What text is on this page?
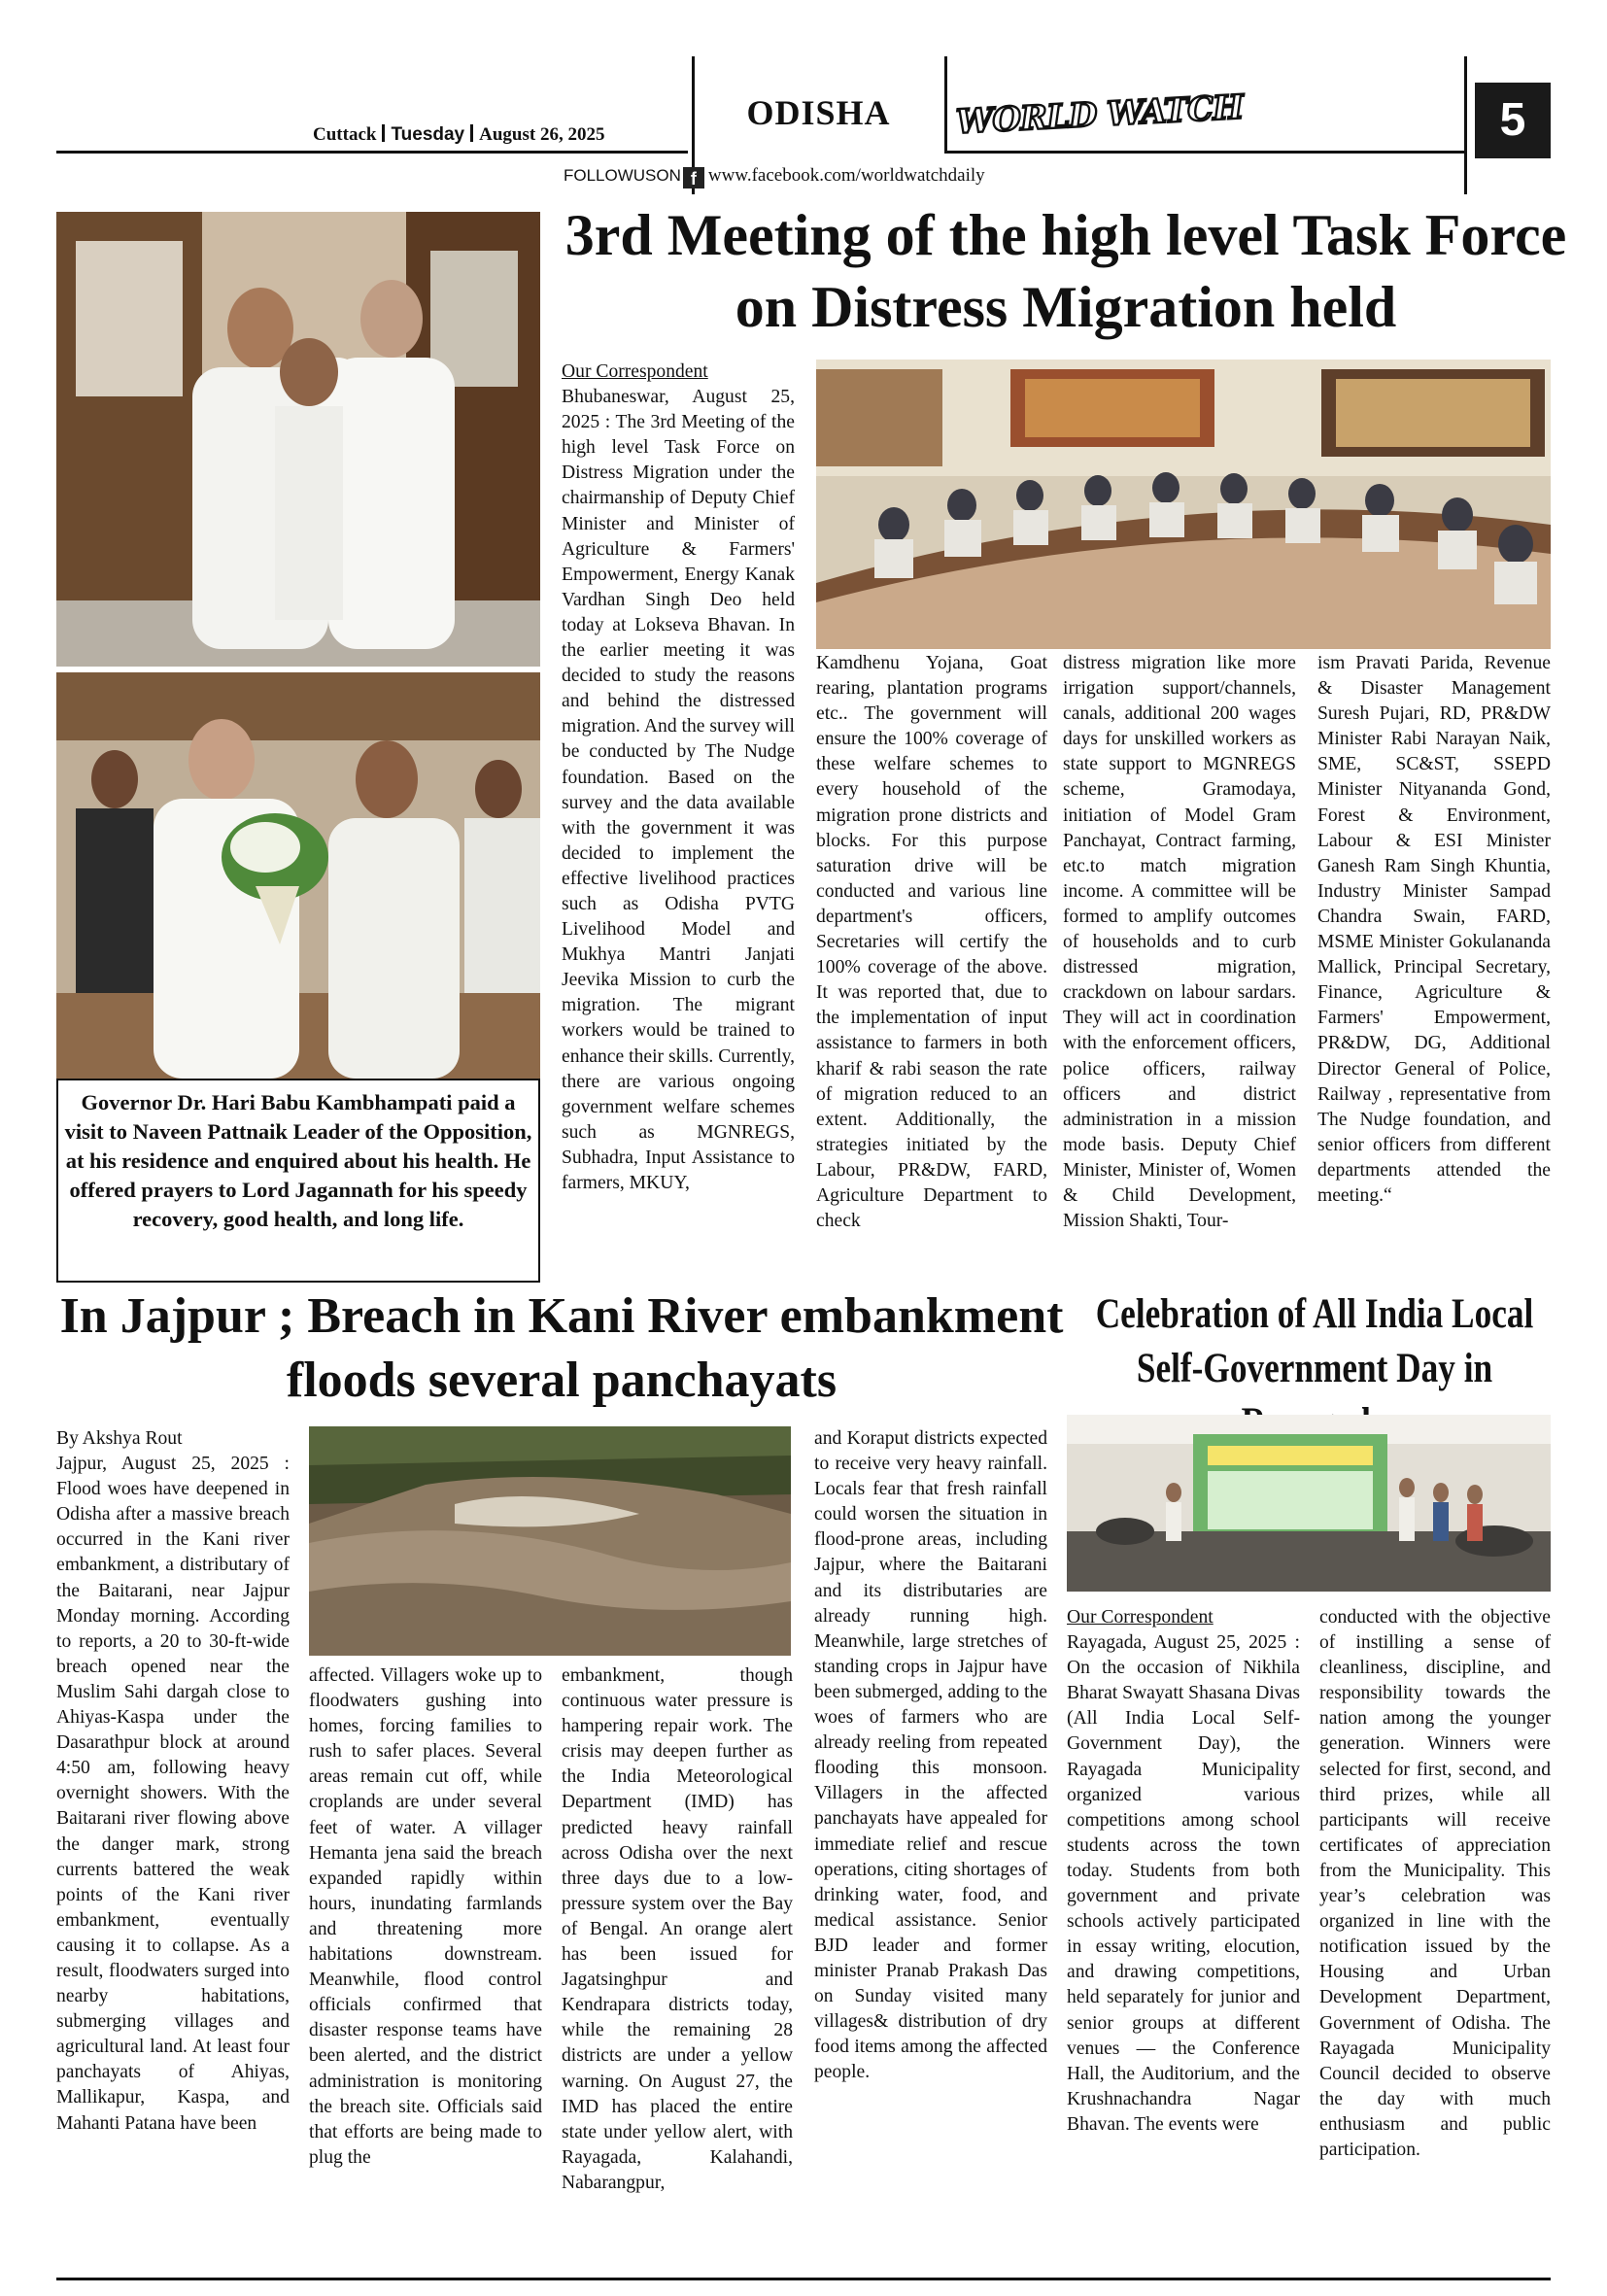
Cuttack Tuesday August 26, 2025
ODISHA	WORLD WATCH	5
FOLLOWUSON f www.facebook.com/worldwatchdaily
Governor Dr. Hari Babu Kambhampati paid a visit to Naveen Pattnaik Leader of the Opposition, at his residence and enquired about his health. He offered prayers to Lord Jagannath for his speedy recovery, good health, and long life.
3rd Meeting of the high level Task Force on Distress Migration held
Our Correspondent
Bhubaneswar, August 25, 2025 : The 3rd Meeting of the high level Task Force on Distress Migration under the chairmanship of Deputy Chief Minister and Minister of Agriculture & Farmers' Empowerment, Energy Kanak Vardhan Singh Deo held today at Lokseva Bhavan. In the earlier meeting it was decided to study the reasons and behind the distressed migration. And the survey will be conducted by The Nudge foundation. Based on the survey and the data available with the government it was decided to implement the effective livelihood practices such as Odisha PVTG Livelihood Model and Mukhya Mantri Janjati Jeevika Mission to curb the migration. The migrant workers would be trained to enhance their skills. Currently, there are various ongoing government welfare schemes such as MGNREGS, Subhadra, Input Assistance to farmers, MKUY,
Kamdhenu Yojana, Goat rearing, plantation programs etc.. The government will ensure the 100% coverage of these welfare schemes to every household of the migration prone districts and blocks. For this purpose saturation drive will be conducted and various line department's officers, Secretaries will certify the 100% coverage of the above. It was reported that, due to the implementation of input assistance to farmers in both kharif & rabi season the rate of migration reduced to an extent. Additionally, the strategies initiated by the Labour, PR&DW, FARD, Agriculture Department to check
distress migration like more irrigation support/channels, canals, additional 200 wages days for unskilled workers as state support to MGNREGS scheme, Gramodaya, initiation of Model Gram Panchayat, Contract farming, etc.to match migration income. A committee will be formed to amplify outcomes of households and to curb distressed migration, crackdown on labour sardars. They will act in coordination with the enforcement officers, police officers, railway officers and district administration in a mission mode basis. Deputy Chief Minister, Minister of, Women & Child Development, Mission Shakti, Tour-
ism Pravati Parida, Revenue & Disaster Management Suresh Pujari, RD, PR&DW Minister Rabi Narayan Naik, SME, SC&ST, SSEPD Minister Nityananda Gond, Forest & Environment, Labour & ESI Minister Ganesh Ram Singh Khuntia, Industry Minister Sampad Chandra Swain, FARD, MSME Minister Gokulananda Mallick, Principal Secretary, Finance, Agriculture & Farmers' Empowerment, PR&DW, DG, Additional Director General of Police, Railway , representative from The Nudge foundation, and senior officers from different departments attended the meeting.“
In Jajpur ; Breach in Kani River embankment floods several panchayats
By Akshya Rout
Jajpur, August 25, 2025 : Flood woes have deepened in Odisha after a massive breach occurred in the Kani river embankment, a distributary of the Baitarani, near Jajpur Monday morning. According to reports, a 20 to 30-ft-wide breach opened near the Muslim Sahi dargah close to Ahiyas-Kaspa under the Dasarathpur block at around 4:50 am, following heavy overnight showers. With the Baitarani river flowing above the danger mark, strong currents battered the weak points of the Kani river embankment, eventually causing it to collapse. As a result, floodwaters surged into nearby habitations, submerging villages and agricultural land. At least four panchayats of Ahiyas, Mallikapur, Kaspa, and Mahanti Patana have been
affected. Villagers woke up to floodwaters gushing into homes, forcing families to rush to safer places. Several areas remain cut off, while croplands are under several feet of water. A villager Hemanta jena said the breach expanded rapidly within hours, inundating farmlands and threatening more habitations downstream. Meanwhile, flood control officials confirmed that disaster response teams have been alerted, and the district administration is monitoring the breach site. Officials said that efforts are being made to plug the
embankment, though continuous water pressure is hampering repair work. The crisis may deepen further as the India Meteorological Department (IMD) has predicted heavy rainfall across Odisha over the next three days due to a low-pressure system over the Bay of Bengal. An orange alert has been issued for Jagatsinghpur and Kendrapara districts today, while the remaining 28 districts are under a yellow warning. On August 27, the IMD has placed the entire state under yellow alert, with Rayagada, Kalahandi, Nabarangpur,
and Koraput districts expected to receive very heavy rainfall. Locals fear that fresh rainfall could worsen the situation in flood-prone areas, including Jajpur, where the Baitarani and its distributaries are already running high. Meanwhile, large stretches of standing crops in Jajpur have been submerged, adding to the woes of farmers who are already reeling from repeated flooding this monsoon. Villagers in the affected panchayats have appealed for immediate relief and rescue operations, citing shortages of drinking water, food, and medical assistance. Senior BJD leader and former minister Pranab Prakash Das on Sunday visited many villages& distribution of dry food items among the affected people.
Celebration of All India Local Self-Government Day in
Our Correspondent
Rayagada, August 25, 2025 : On the occasion of Nikhila Bharat Swayatt Shasana Divas (All India Local Self-Government Day), the Rayagada Municipality organized various competitions among school students across the town today. Students from both government and private schools actively participated in essay writing, elocution, and drawing competitions, held separately for junior and senior groups at different venues — the Conference Hall, the Auditorium, and the Krushnachandra Nagar Bhavan. The events were
conducted with the objective of instilling a sense of cleanliness, discipline, and responsibility towards the nation among the younger generation. Winners were selected for first, second, and third prizes, while all participants will receive certificates of appreciation from the Municipality. This year’s celebration was organized in line with the notification issued by the Housing and Urban Development Department, Government of Odisha. The Rayagada Municipality Council decided to observe the day with much enthusiasm and public participation.
